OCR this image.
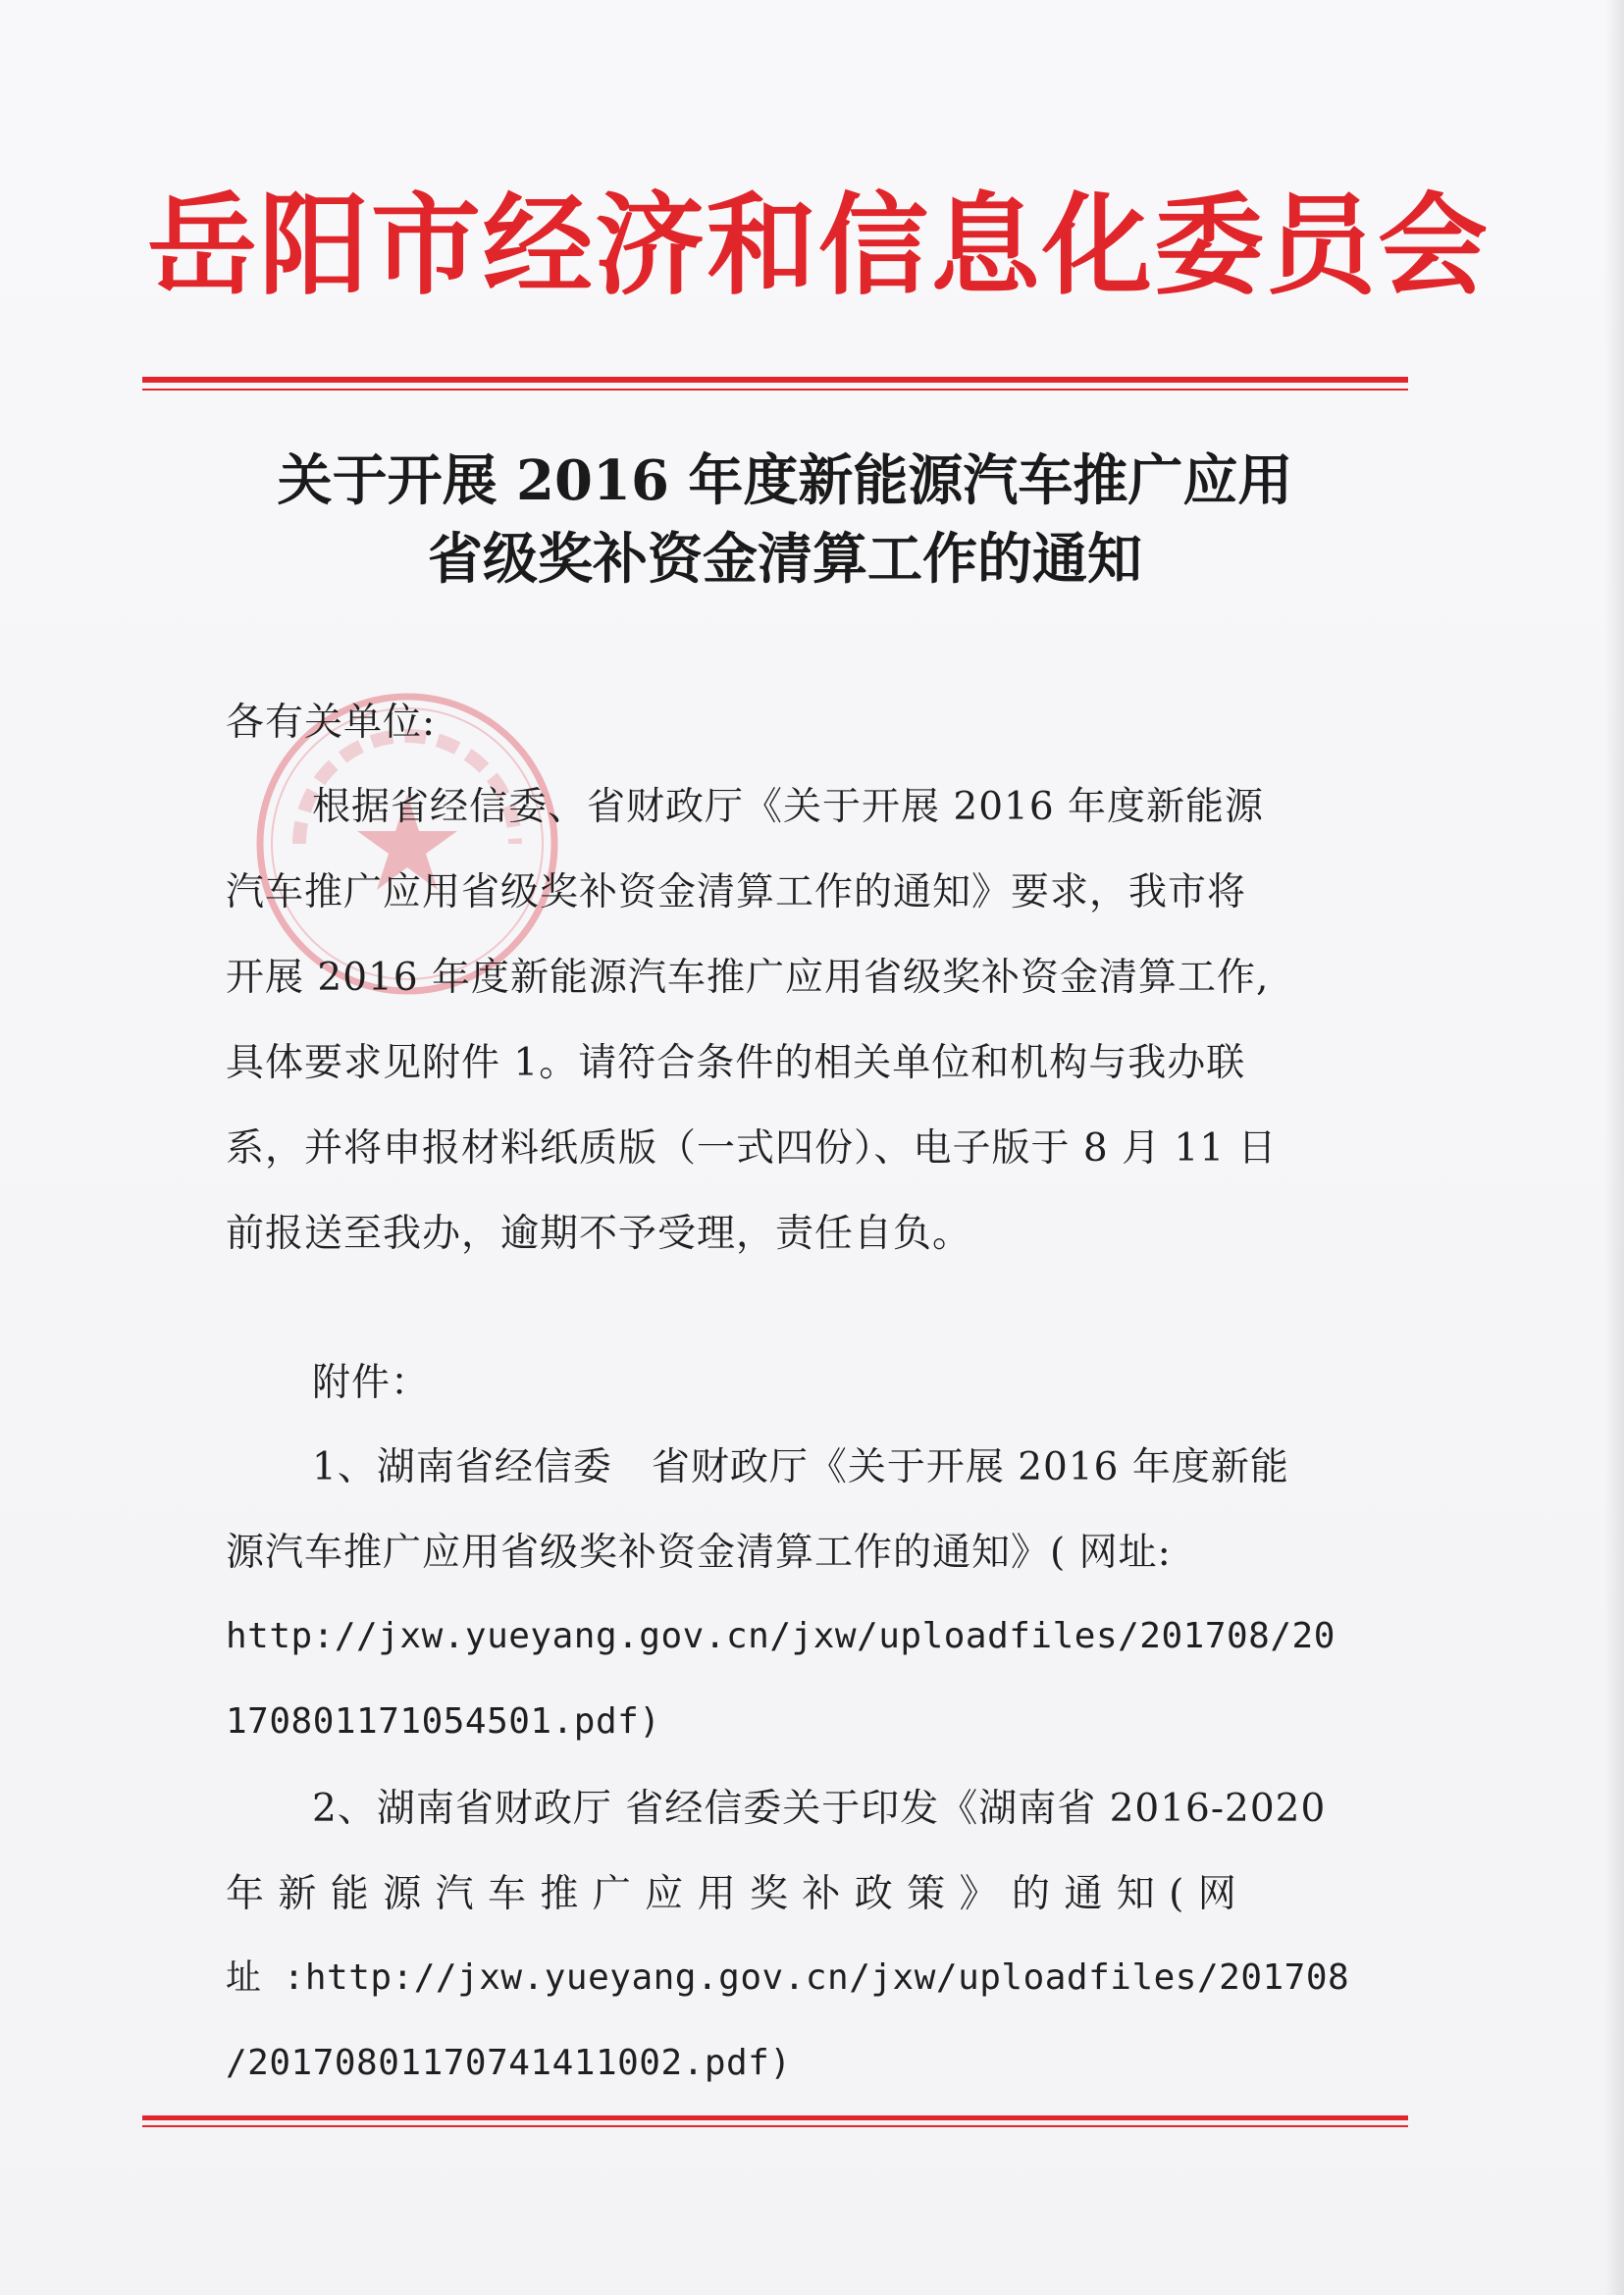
岳阳市经济和信息化委员会
关于开展 2016 年度新能源汽车推广应用
省级奖补资金清算工作的通知
各有关单位:
根据省经信委、省财政厅《关于开展 2016 年度新能源
汽车推广应用省级奖补资金清算工作的通知》要求，我市将
开展 2016 年度新能源汽车推广应用省级奖补资金清算工作,
具体要求见附件 1。请符合条件的相关单位和机构与我办联
系，并将申报材料纸质版（一式四份）、电子版于 8 月 11 日
前报送至我办，逾期不予受理，责任自负。
附件：
1、湖南省经信委　省财政厅《关于开展 2016 年度新能
源汽车推广应用省级奖补资金清算工作的通知》( 网址:
http://jxw.yueyang.gov.cn/jxw/uploadfiles/201708/20
170801171054501.pdf)
2、湖南省财政厅 省经信委关于印发《湖南省 2016-2020
年 新 能 源 汽 车 推 广 应 用 奖 补 政 策 》 的 通 知 ( 网
址 :http://jxw.yueyang.gov.cn/jxw/uploadfiles/201708
/20170801170741411002.pdf)
